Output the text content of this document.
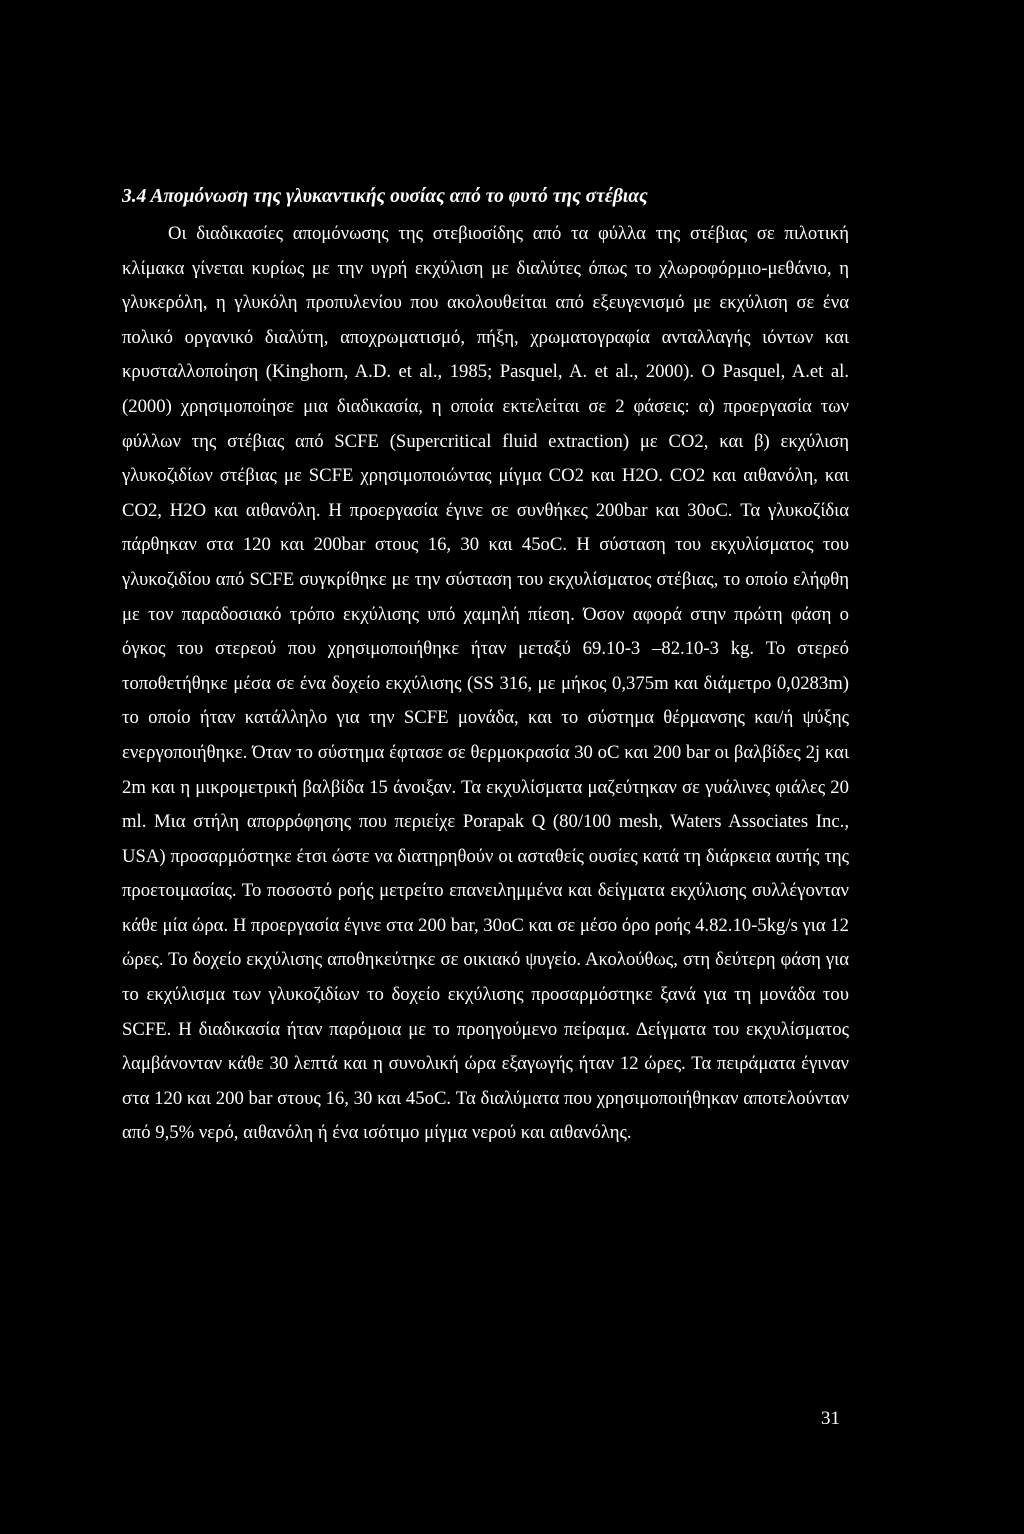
3.4 Απομόνωση της γλυκαντικής ουσίας από το φυτό της στέβιας

Οι διαδικασίες απομόνωσης της στεβιοσίδης από τα φύλλα της στέβιας σε πιλοτική κλίμακα γίνεται κυρίως με την υγρή εκχύλιση με διαλύτες όπως το χλωροφόρμιο-μεθάνιο, η γλυκερόλη, η γλυκόλη προπυλενίου που ακολουθείται από εξευγενισμό με εκχύλιση σε ένα πολικό οργανικό διαλύτη, αποχρωματισμό, πήξη, χρωματογραφία ανταλλαγής ιόντων και κρυσταλλοποίηση (Kinghorn, A.D. et al., 1985; Pasquel, A. et al., 2000). Ο Pasquel, A.et al. (2000) χρησιμοποίησε μια διαδικασία, η οποία εκτελείται σε 2 φάσεις: α) προεργασία των φύλλων της στέβιας από SCFE (Supercritical fluid extraction) με CO2, και β) εκχύλιση γλυκοζιδίων στέβιας με SCFE χρησιμοποιώντας μίγμα CO2 και H2O. CO2 και αιθανόλη, και CO2, H2O και αιθανόλη. Η προεργασία έγινε σε συνθήκες 200bar και 30oC. Τα γλυκοζίδια πάρθηκαν στα 120 και 200bar στους 16, 30 και 45oC. Η σύσταση του εκχυλίσματος του γλυκοζιδίου από SCFE συγκρίθηκε με την σύσταση του εκχυλίσματος στέβιας, το οποίο ελήφθη με τον παραδοσιακό τρόπο εκχύλισης υπό χαμηλή πίεση. Όσον αφορά στην πρώτη φάση ο όγκος του στερεού που χρησιμοποιήθηκε ήταν μεταξύ 69.10-3 –82.10-3 kg. Το στερεό τοποθετήθηκε μέσα σε ένα δοχείο εκχύλισης (SS 316, με μήκος 0,375m και διάμετρο 0,0283m) το οποίο ήταν κατάλληλο για την SCFE μονάδα, και το σύστημα θέρμανσης και/ή ψύξης ενεργοποιήθηκε. Όταν το σύστημα έφτασε σε θερμοκρασία 30 oC και 200 bar οι βαλβίδες 2j και 2m και η μικρομετρική βαλβίδα 15 άνοιξαν. Τα εκχυλίσματα μαζεύτηκαν σε γυάλινες φιάλες 20 ml. Μια στήλη απορρόφησης που περιείχε Porapak Q (80/100 mesh, Waters Associates Inc., USA) προσαρμόστηκε έτσι ώστε να διατηρηθούν οι ασταθείς ουσίες κατά τη διάρκεια αυτής της προετοιμασίας. Το ποσοστό ροής μετρείτο επανειλημμένα και δείγματα εκχύλισης συλλέγονταν κάθε μία ώρα. Η προεργασία έγινε στα 200 bar, 30oC και σε μέσο όρο ροής 4.82.10-5kg/s για 12 ώρες. Το δοχείο εκχύλισης αποθηκεύτηκε σε οικιακό ψυγείο. Ακολούθως, στη δεύτερη φάση για το εκχύλισμα των γλυκοζιδίων το δοχείο εκχύλισης προσαρμόστηκε ξανά για τη μονάδα του SCFE. Η διαδικασία ήταν παρόμοια με το προηγούμενο πείραμα. Δείγματα του εκχυλίσματος λαμβάνονταν κάθε 30 λεπτά και η συνολική ώρα εξαγωγής ήταν 12 ώρες. Τα πειράματα έγιναν στα 120 και 200 bar στους 16, 30 και 45oC. Τα διαλύματα που χρησιμοποιήθηκαν αποτελούνταν από 9,5% νερό, αιθανόλη ή ένα ισότιμο μίγμα νερού και αιθανόλης.

31
